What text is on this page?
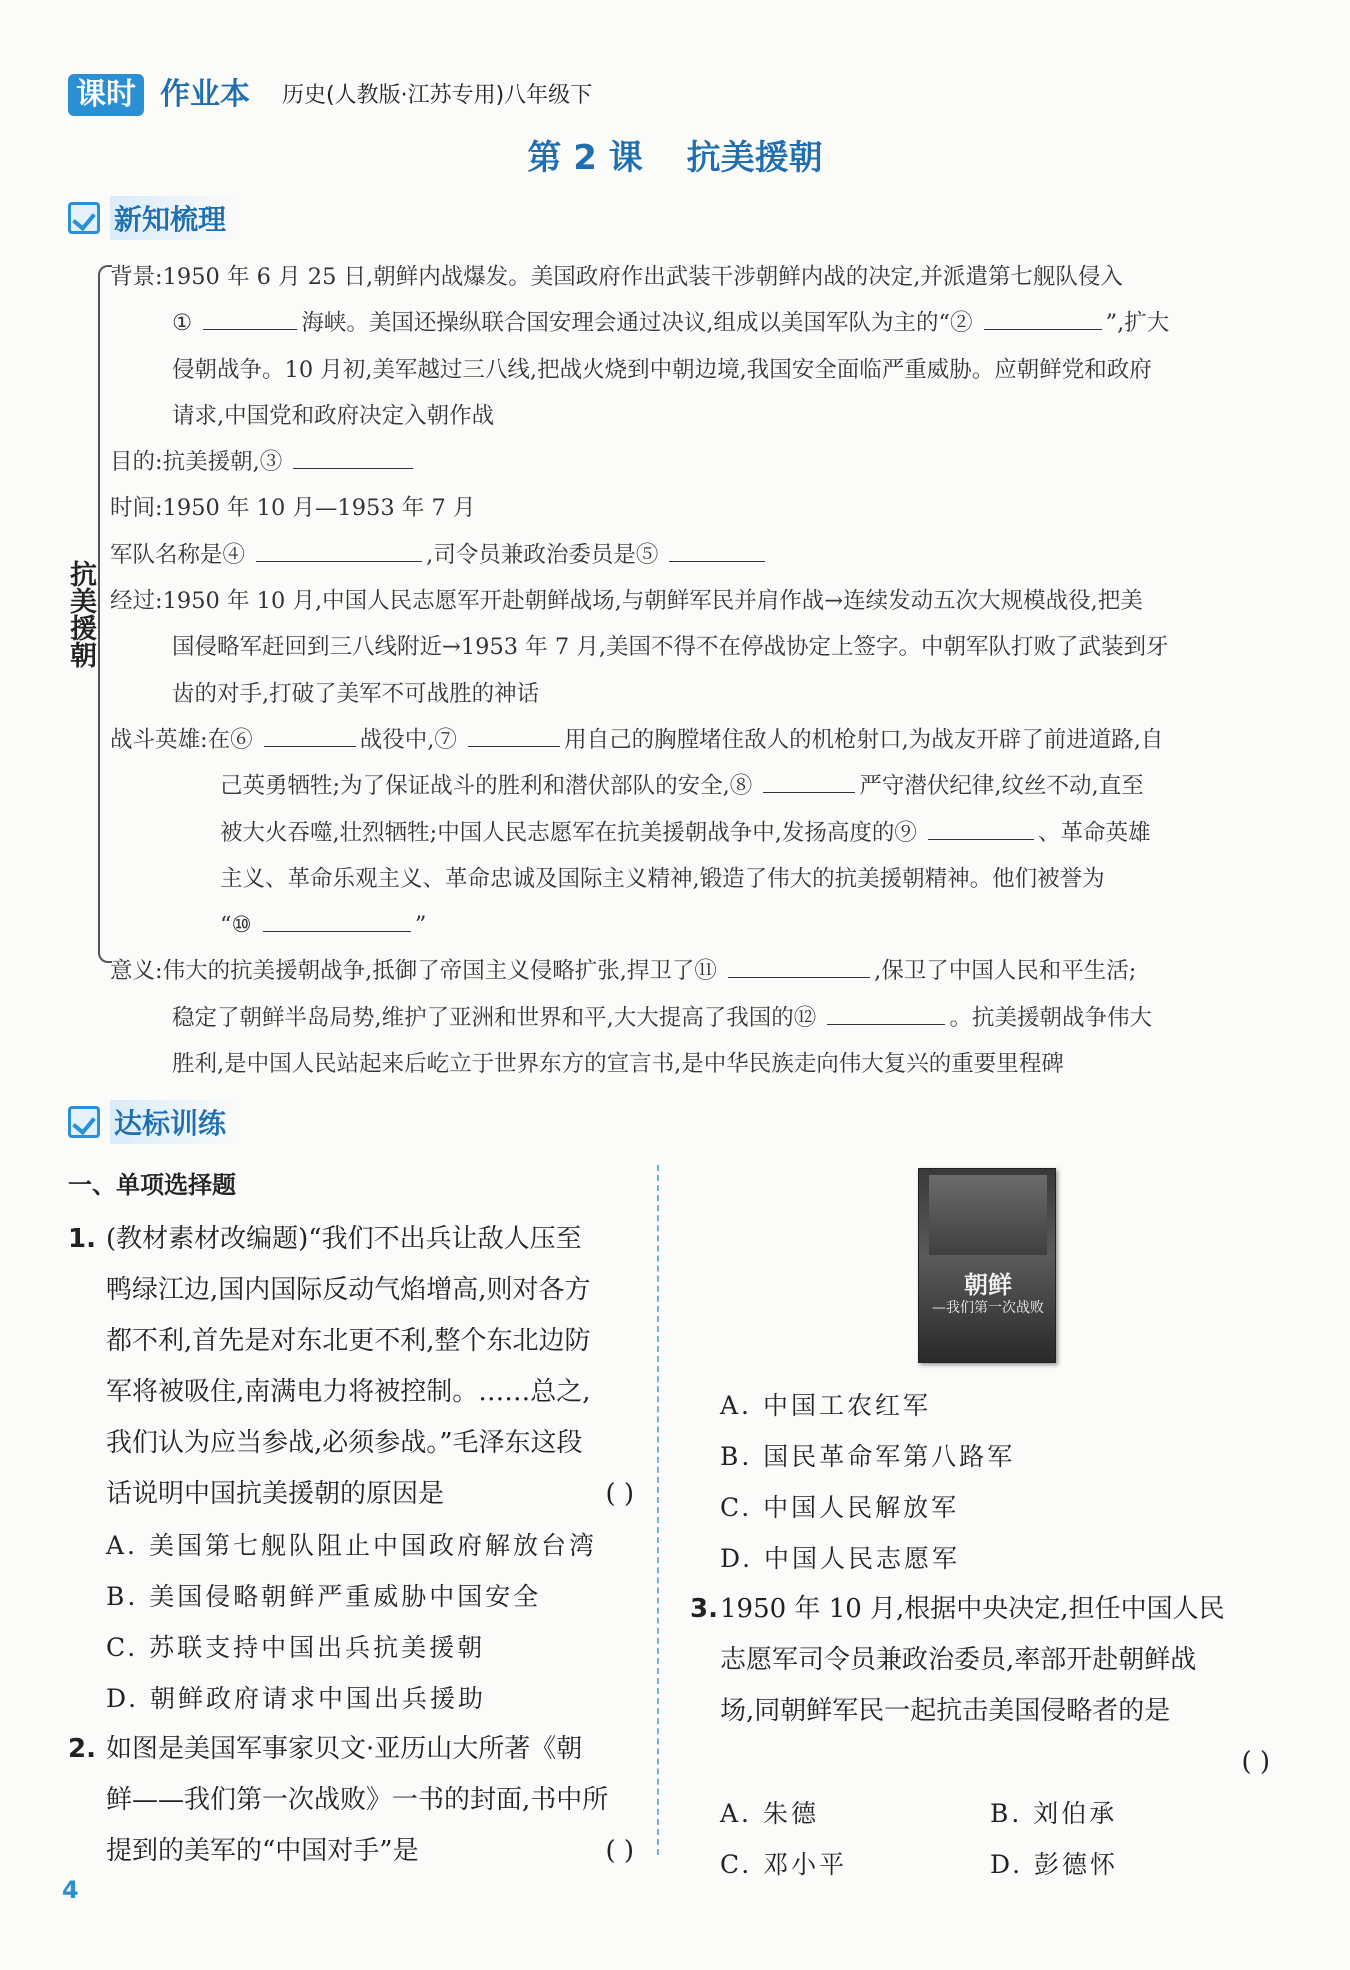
课时 作业本 历史(人教版·江苏专用)八年级下
第 2 课 抗美援朝
新知梳理
抗美援朝
背景:1950 年 6 月 25 日,朝鲜内战爆发。美国政府作出武装干涉朝鲜内战的决定,并派遣第七舰队侵入
①	海峡。美国还操纵联合国安理会通过决议,组成以美国军队为主的“②	”,扩大
侵朝战争。10 月初,美军越过三八线,把战火烧到中朝边境,我国安全面临严重威胁。应朝鲜党和政府
请求,中国党和政府决定入朝作战
目的:抗美援朝,③
时间:1950 年 10 月—1953 年 7 月
军队名称是④	,司令员兼政治委员是⑤
经过:1950 年 10 月,中国人民志愿军开赴朝鲜战场,与朝鲜军民并肩作战→连续发动五次大规模战役,把美
国侵略军赶回到三八线附近→1953 年 7 月,美国不得不在停战协定上签字。中朝军队打败了武装到牙
齿的对手,打破了美军不可战胜的神话
战斗英雄:在⑥	战役中,⑦	用自己的胸膛堵住敌人的机枪射口,为战友开辟了前进道路,自
己英勇牺牲;为了保证战斗的胜利和潜伏部队的安全,⑧	严守潜伏纪律,纹丝不动,直至
被大火吞噬,壮烈牺牲;中国人民志愿军在抗美援朝战争中,发扬高度的⑨	、革命英雄
主义、革命乐观主义、革命忠诚及国际主义精神,锻造了伟大的抗美援朝精神。他们被誉为
“⑩	”
意义:伟大的抗美援朝战争,抵御了帝国主义侵略扩张,捍卫了⑪	,保卫了中国人民和平生活;
稳定了朝鲜半岛局势,维护了亚洲和世界和平,大大提高了我国的⑫	。抗美援朝战争伟大
胜利,是中国人民站起来后屹立于世界东方的宣言书,是中华民族走向伟大复兴的重要里程碑
达标训练
一、单项选择题
1. (教材素材改编题)“我们不出兵让敌人压至
鸭绿江边,国内国际反动气焰增高,则对各方
都不利,首先是对东北更不利,整个东北边防
军将被吸住,南满电力将被控制。……总之,
我们认为应当参战,必须参战。”毛泽东这段
话说明中国抗美援朝的原因是	( )
A. 美国第七舰队阻止中国政府解放台湾
B. 美国侵略朝鲜严重威胁中国安全
C. 苏联支持中国出兵抗美援朝
D. 朝鲜政府请求中国出兵援助
2. 如图是美国军事家贝文·亚历山大所著《朝
鲜——我们第一次战败》一书的封面,书中所
提到的美军的“中国对手”是	( )
朝鲜
—我们第一次战败
A. 中国工农红军
B. 国民革命军第八路军
C. 中国人民解放军
D. 中国人民志愿军
3. 1950 年 10 月,根据中央决定,担任中国人民
志愿军司令员兼政治委员,率部开赴朝鲜战
场,同朝鲜军民一起抗击美国侵略者的是
( )
A. 朱德	B. 刘伯承
C. 邓小平	D. 彭德怀
4
